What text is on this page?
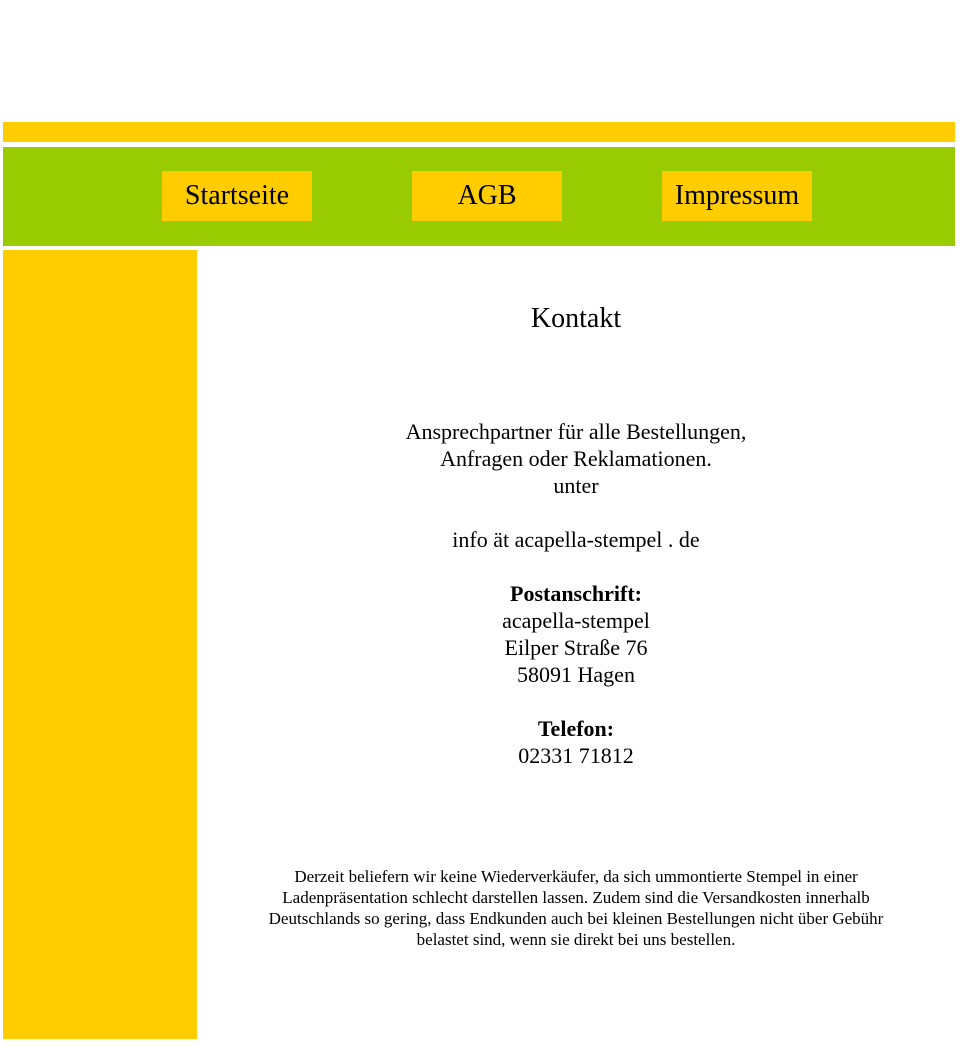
Startseite	AGB	Impressum
Kontakt
Ansprechpartner für alle Bestellungen,
Anfragen oder Reklamationen.
unter
info ät acapella-stempel . de
Postanschrift:
acapella-stempel
Eilper Straße 76
58091 Hagen
Telefon:
02331 71812

Derzeit beliefern wir keine Wiederverkäufer, da sich ummontierte Stempel in einer Ladenpräsentation schlecht darstellen lassen. Zudem sind die Versandkosten innerhalb Deutschlands so gering, dass Endkunden auch bei kleinen Bestellungen nicht über Gebühr belastet sind, wenn sie direkt bei uns bestellen.
